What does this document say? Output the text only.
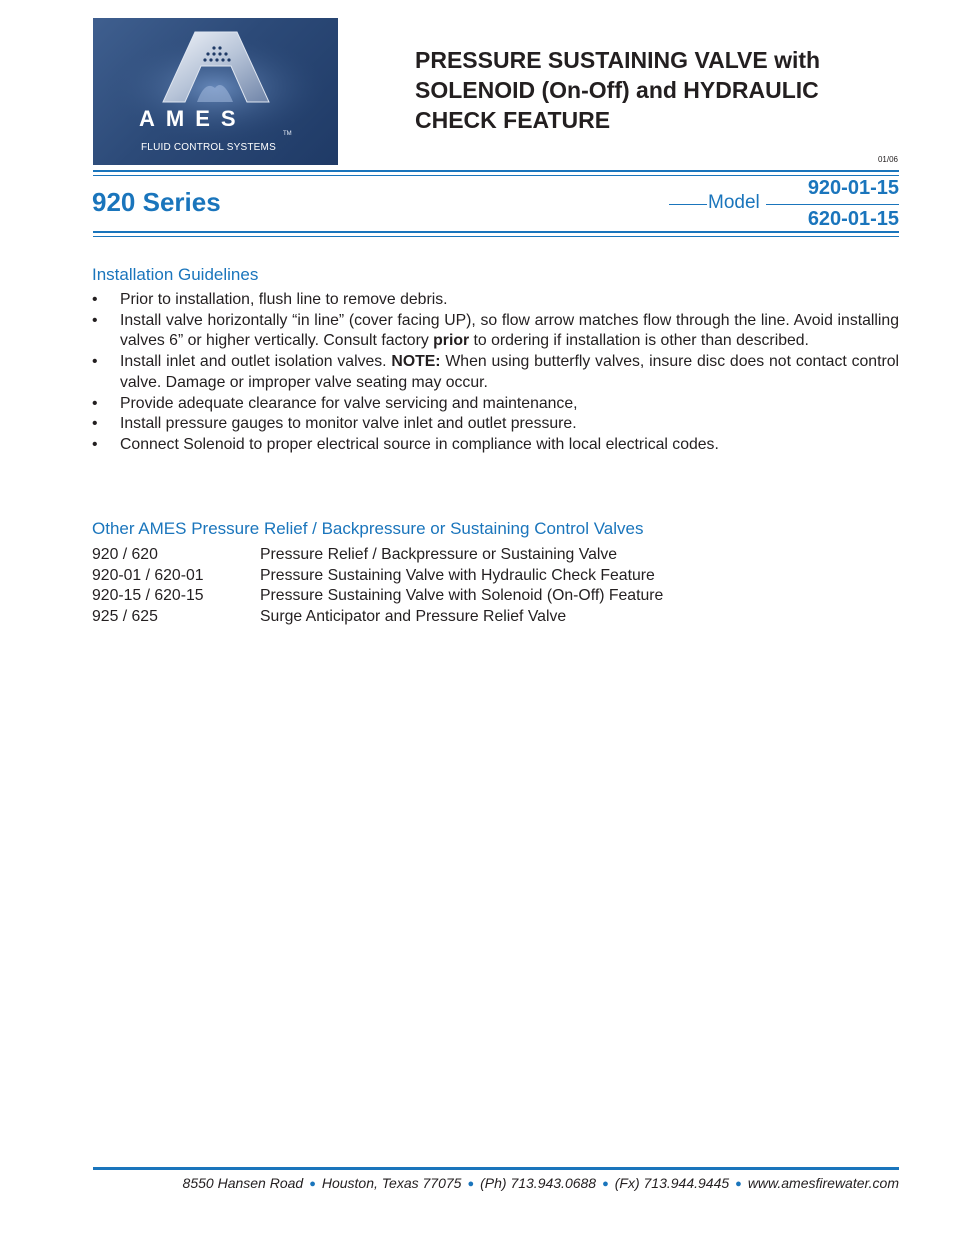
AMES
TM
FLUID CONTROL SYSTEMS
PRESSURE SUSTAINING VALVE with
SOLENOID (On-Off) and HYDRAULIC
CHECK FEATURE
01/06
920 Series	Model
920-01-15
620-01-15
Installation Guidelines
• Prior to installation, flush line to remove debris.
• Install valve horizontally “in line” (cover facing UP), so flow arrow matches flow through the line. Avoid installing valves 6” or higher vertically. Consult factory prior to ordering if installation is other than described.
• Install inlet and outlet isolation valves. NOTE: When using butterfly valves, insure disc does not contact control valve. Damage or improper valve seating may occur.
• Provide adequate clearance for valve servicing and maintenance,
• Install pressure gauges to monitor valve inlet and outlet pressure.
• Connect Solenoid to proper electrical source in compliance with local electrical codes.
Other AMES Pressure Relief / Backpressure or Sustaining Control Valves
920 / 620	Pressure Relief / Backpressure or Sustaining Valve
920-01 / 620-01	Pressure Sustaining Valve with Hydraulic Check Feature
920-15 / 620-15	Pressure Sustaining Valve with Solenoid (On-Off) Feature
925 / 625	Surge Anticipator and Pressure Relief Valve
8550 Hansen Road ● Houston, Texas 77075 ● (Ph) 713.943.0688 ● (Fx) 713.944.9445 ● www.amesfirewater.com
